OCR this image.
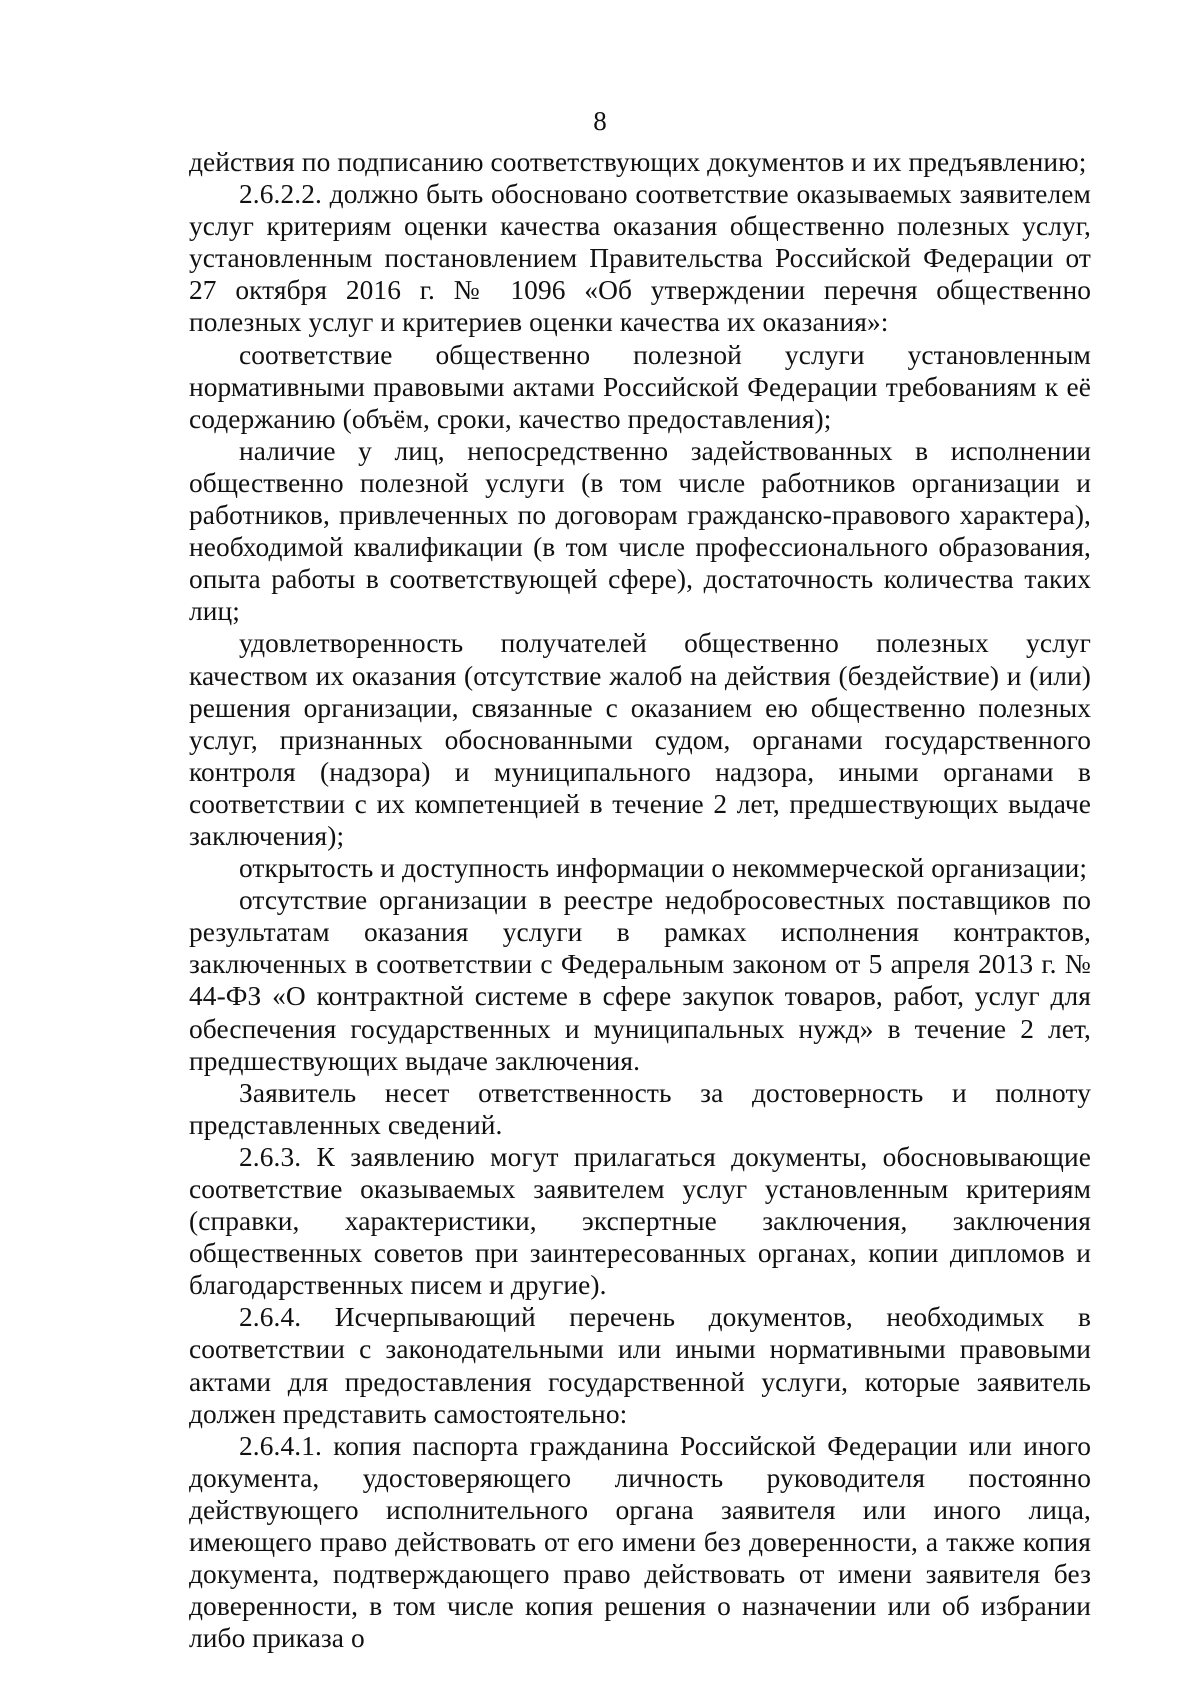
8

действия по подписанию соответствующих документов и их предъявлению;

2.6.2.2. должно быть обосновано соответствие оказываемых заявителем услуг критериям оценки качества оказания общественно полезных услуг, установленным постановлением Правительства Российской Федерации от 27 октября 2016 г. № 1096 «Об утверждении перечня общественно полезных услуг и критериев оценки качества их оказания»:

соответствие общественно полезной услуги установленным нормативными правовыми актами Российской Федерации требованиям к её содержанию (объём, сроки, качество предоставления);

наличие у лиц, непосредственно задействованных в исполнении общественно полезной услуги (в том числе работников организации и работников, привлеченных по договорам гражданско-правового характера), необходимой квалификации (в том числе профессионального образования, опыта работы в соответствующей сфере), достаточность количества таких лиц;

удовлетворенность получателей общественно полезных услуг качеством их оказания (отсутствие жалоб на действия (бездействие) и (или) решения организации, связанные с оказанием ею общественно полезных услуг, признанных обоснованными судом, органами государственного контроля (надзора) и муниципального надзора, иными органами в соответствии с их компетенцией в течение 2 лет, предшествующих выдаче заключения);

открытость и доступность информации о некоммерческой организации;

отсутствие организации в реестре недобросовестных поставщиков по результатам оказания услуги в рамках исполнения контрактов, заключенных в соответствии с Федеральным законом от 5 апреля 2013 г. № 44-ФЗ «О контрактной системе в сфере закупок товаров, работ, услуг для обеспечения государственных и муниципальных нужд» в течение 2 лет, предшествующих выдаче заключения.

Заявитель несет ответственность за достоверность и полноту представленных сведений.

2.6.3. К заявлению могут прилагаться документы, обосновывающие соответствие оказываемых заявителем услуг установленным критериям (справки, характеристики, экспертные заключения, заключения общественных советов при заинтересованных органах, копии дипломов и благодарственных писем и другие).

2.6.4. Исчерпывающий перечень документов, необходимых в соответствии с законодательными или иными нормативными правовыми актами для предоставления государственной услуги, которые заявитель должен представить самостоятельно:

2.6.4.1. копия паспорта гражданина Российской Федерации или иного документа, удостоверяющего личность руководителя постоянно действующего исполнительного органа заявителя или иного лица, имеющего право действовать от его имени без доверенности, а также копия документа, подтверждающего право действовать от имени заявителя без доверенности, в том числе копия решения о назначении или об избрании либо приказа о
